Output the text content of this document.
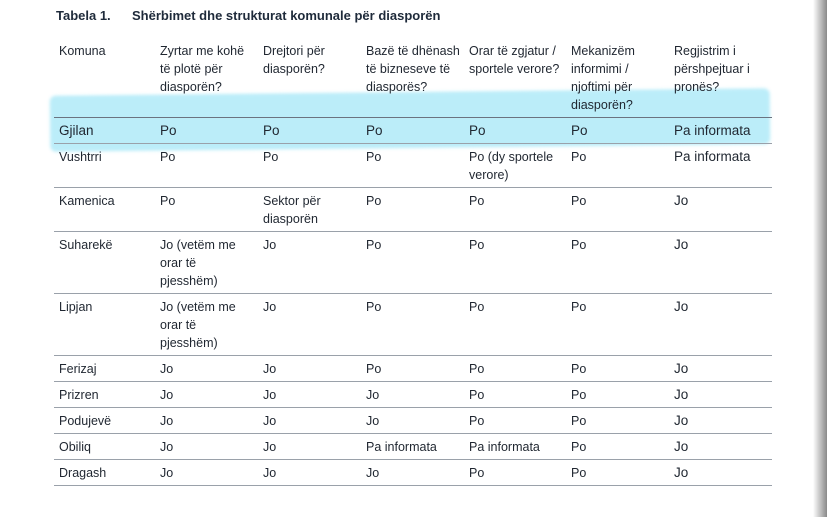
Tabela 1. Shërbimet dhe strukturat komunale për diasporën
Komuna	Zyrtar me kohë të plotë për diasporën?	Drejtori për diasporën?	Bazë të dhënash të bizneseve të diasporës?	Orar të zgjatur / sportele verore?	Mekanizëm informimi / njoftimi për diasporën?	Regjistrim i përshpejtuar i pronës?
Gjilan	Po	Po	Po	Po	Po	Pa informata
Vushtrri	Po	Po	Po	Po (dy sportele verore)	Po	Pa informata
Kamenica	Po	Sektor për diasporën	Po	Po	Po	Jo
Suharekë	Jo (vetëm me orar të pjesshëm)	Jo	Po	Po	Po	Jo
Lipjan	Jo (vetëm me orar të pjesshëm)	Jo	Po	Po	Po	Jo
Ferizaj	Jo	Jo	Po	Po	Po	Jo
Prizren	Jo	Jo	Jo	Po	Po	Jo
Podujevë	Jo	Jo	Jo	Po	Po	Jo
Obiliq	Jo	Jo	Pa informata	Pa informata	Po	Jo
Dragash	Jo	Jo	Jo	Po	Po	Jo
